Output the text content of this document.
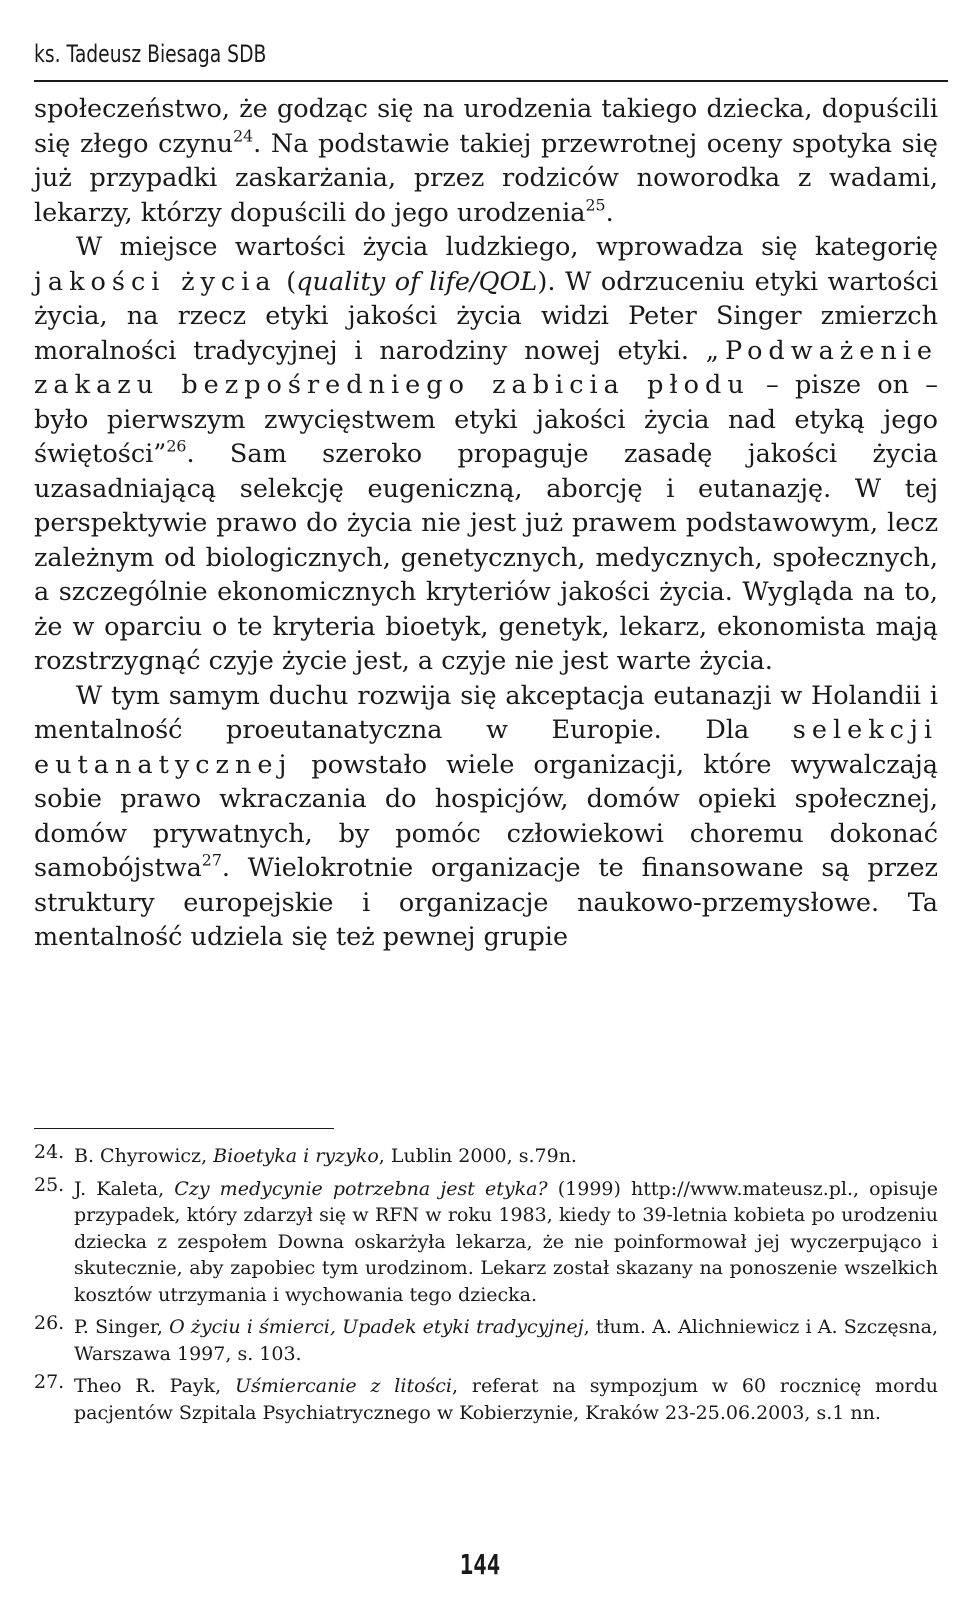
ks. Tadeusz Biesaga SDB

społeczeństwo, że godząc się na urodzenia takiego dziecka, dopuścili się złego czynu$^{24}$. Na podstawie takiej przewrotnej oceny spotyka się już przypadki zaskarżania, przez rodziców noworodka z wadami, lekarzy, którzy dopuścili do jego urodzenia$^{25}$.

W miejsce wartości życia ludzkiego, wprowadza się kategorię jakości życia (quality of life/QOL). W odrzuceniu etyki wartości życia, na rzecz etyki jakości życia widzi Peter Singer zmierzch moralności tradycyjnej i narodziny nowej etyki. „Podważenie zakazu bezpośredniego zabicia płodu – pisze on – było pierwszym zwycięstwem etyki jakości życia nad etyką jego świętości”$^{26}$. Sam szeroko propaguje zasadę jakości życia uzasadniającą selekcję eugeniczną, aborcję i eutanazję. W tej perspektywie prawo do życia nie jest już prawem podstawowym, lecz zależnym od biologicznych, genetycznych, medycznych, społecznych, a szczególnie ekonomicznych kryteriów jakości życia. Wygląda na to, że w oparciu o te kryteria bioetyk, genetyk, lekarz, ekonomista mają rozstrzygnąć czyje życie jest, a czyje nie jest warte życia.

W tym samym duchu rozwija się akceptacja eutanazji w Holandii i mentalność proeutanatyczna w Europie. Dla selekcji eutanatycznej powstało wiele organizacji, które wywalczają sobie prawo wkraczania do hospicjów, domów opieki społecznej, domów prywatnych, by pomóc człowiekowi choremu dokonać samobójstwa$^{27}$. Wielokrotnie organizacje te finansowane są przez struktury europejskie i organizacje naukowo-przemysłowe. Ta mentalność udziela się też pewnej grupie

24. B. Chyrowicz, Bioetyka i ryzyko, Lublin 2000, s.79n.
25. J. Kaleta, Czy medycynie potrzebna jest etyka? (1999) http://www.mateusz.pl., opisuje przypadek, który zdarzył się w RFN w roku 1983, kiedy to 39-letnia kobieta po urodzeniu dziecka z zespołem Downa oskarżyła lekarza, że nie poinformował jej wyczerpująco i skutecznie, aby zapobiec tym urodzinom. Lekarz został skazany na ponoszenie wszelkich kosztów utrzymania i wychowania tego dziecka.
26. P. Singer, O życiu i śmierci, Upadek etyki tradycyjnej, tłum. A. Alichniewicz i A. Szczęsna, Warszawa 1997, s. 103.
27. Theo R. Payk, Uśmiercanie z litości, referat na sympozjum w 60 rocznicę mordu pacjentów Szpitala Psychiatrycznego w Kobierzynie, Kraków 23-25.06.2003, s.1 nn.
144
